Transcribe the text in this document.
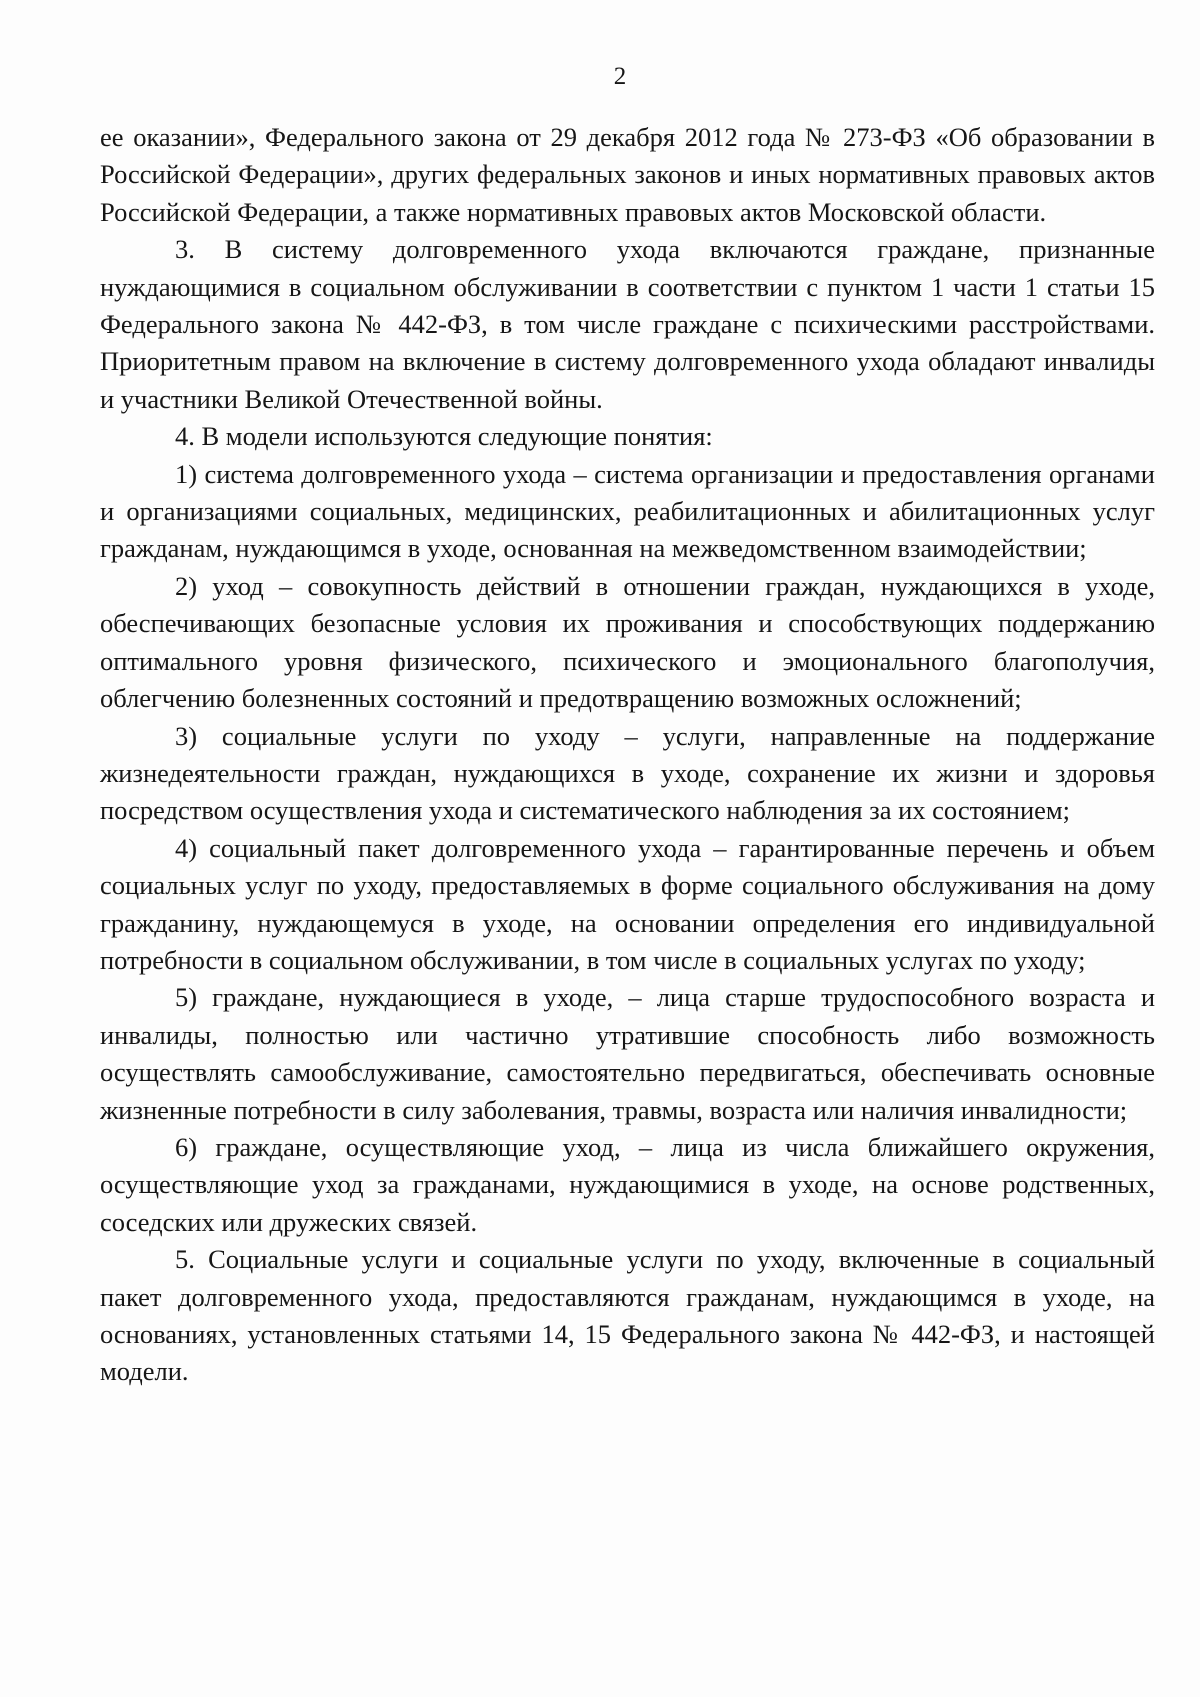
2

ее оказании», Федерального закона от 29 декабря 2012 года № 273-ФЗ «Об образовании в Российской Федерации», других федеральных законов и иных нормативных правовых актов Российской Федерации, а также нормативных правовых актов Московской области.

3. В систему долговременного ухода включаются граждане, признанные нуждающимися в социальном обслуживании в соответствии с пунктом 1 части 1 статьи 15 Федерального закона № 442-ФЗ, в том числе граждане с психическими расстройствами. Приоритетным правом на включение в систему долговременного ухода обладают инвалиды и участники Великой Отечественной войны.

4. В модели используются следующие понятия:

1) система долговременного ухода – система организации и предоставления органами и организациями социальных, медицинских, реабилитационных и абилитационных услуг гражданам, нуждающимся в уходе, основанная на межведомственном взаимодействии;

2) уход – совокупность действий в отношении граждан, нуждающихся в уходе, обеспечивающих безопасные условия их проживания и способствующих поддержанию оптимального уровня физического, психического и эмоционального благополучия, облегчению болезненных состояний и предотвращению возможных осложнений;

3) социальные услуги по уходу – услуги, направленные на поддержание жизнедеятельности граждан, нуждающихся в уходе, сохранение их жизни и здоровья посредством осуществления ухода и систематического наблюдения за их состоянием;

4) социальный пакет долговременного ухода – гарантированные перечень и объем социальных услуг по уходу, предоставляемых в форме социального обслуживания на дому гражданину, нуждающемуся в уходе, на основании определения его индивидуальной потребности в социальном обслуживании, в том числе в социальных услугах по уходу;

5) граждане, нуждающиеся в уходе, – лица старше трудоспособного возраста и инвалиды, полностью или частично утратившие способность либо возможность осуществлять самообслуживание, самостоятельно передвигаться, обеспечивать основные жизненные потребности в силу заболевания, травмы, возраста или наличия инвалидности;

6) граждане, осуществляющие уход, – лица из числа ближайшего окружения, осуществляющие уход за гражданами, нуждающимися в уходе, на основе родственных, соседских или дружеских связей.

5. Социальные услуги и социальные услуги по уходу, включенные в социальный пакет долговременного ухода, предоставляются гражданам, нуждающимся в уходе, на основаниях, установленных статьями 14, 15 Федерального закона № 442-ФЗ, и настоящей модели.
